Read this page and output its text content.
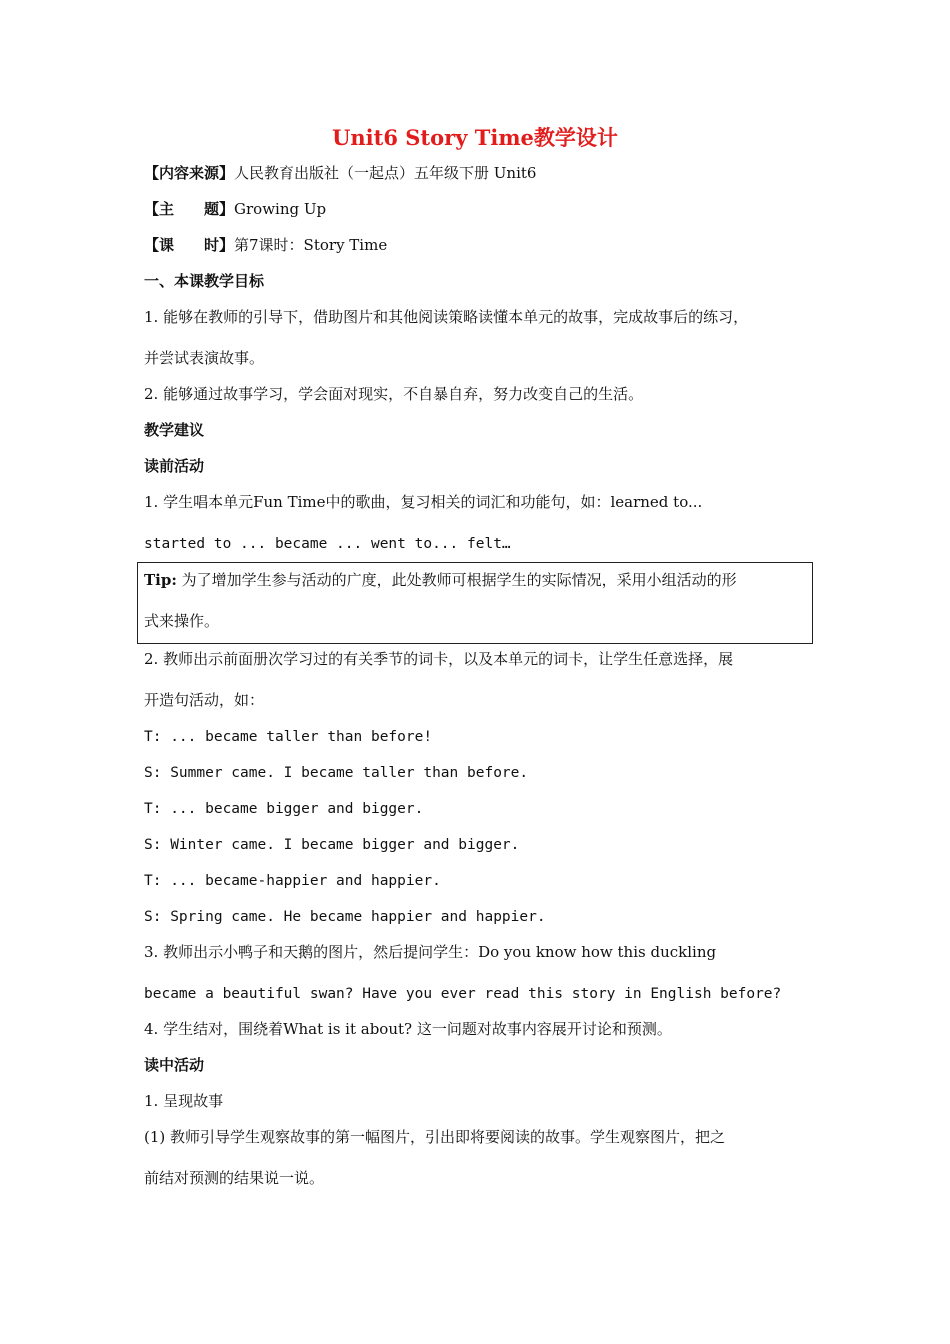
Unit6 Story Time教学设计
【内容来源】人民教育出版社（一起点）五年级下册 Unit6
【主　　题】Growing Up
【课　　时】第7课时：Story Time
一、本课教学目标
1. 能够在教师的引导下，借助图片和其他阅读策略读懂本单元的故事，完成故事后的练习，
并尝试表演故事。
2. 能够通过故事学习，学会面对现实，不自暴自弃，努力改变自己的生活。
教学建议
读前活动
1. 学生唱本单元Fun Time中的歌曲，复习相关的词汇和功能句，如：learned to...
started to ... became ... went to... felt…
Tip: 为了增加学生参与活动的广度，此处教师可根据学生的实际情况，采用小组活动的形
式来操作。
2. 教师出示前面册次学习过的有关季节的词卡，以及本单元的词卡，让学生任意选择，展
开造句活动，如：
T: ... became taller than before!
S: Summer came. I became taller than before.
T: ... became bigger and bigger.
S: Winter came. I became bigger and bigger.
T: ... became-happier and happier.
S: Spring came. He became happier and happier.
3. 教师出示小鸭子和天鹅的图片，然后提问学生：Do you know how this duckling
became a beautiful swan? Have you ever read this story in English before?
4. 学生结对，围绕着What is it about? 这一问题对故事内容展开讨论和预测。
读中活动
1. 呈现故事
(1) 教师引导学生观察故事的第一幅图片，引出即将要阅读的故事。学生观察图片，把之
前结对预测的结果说一说。
